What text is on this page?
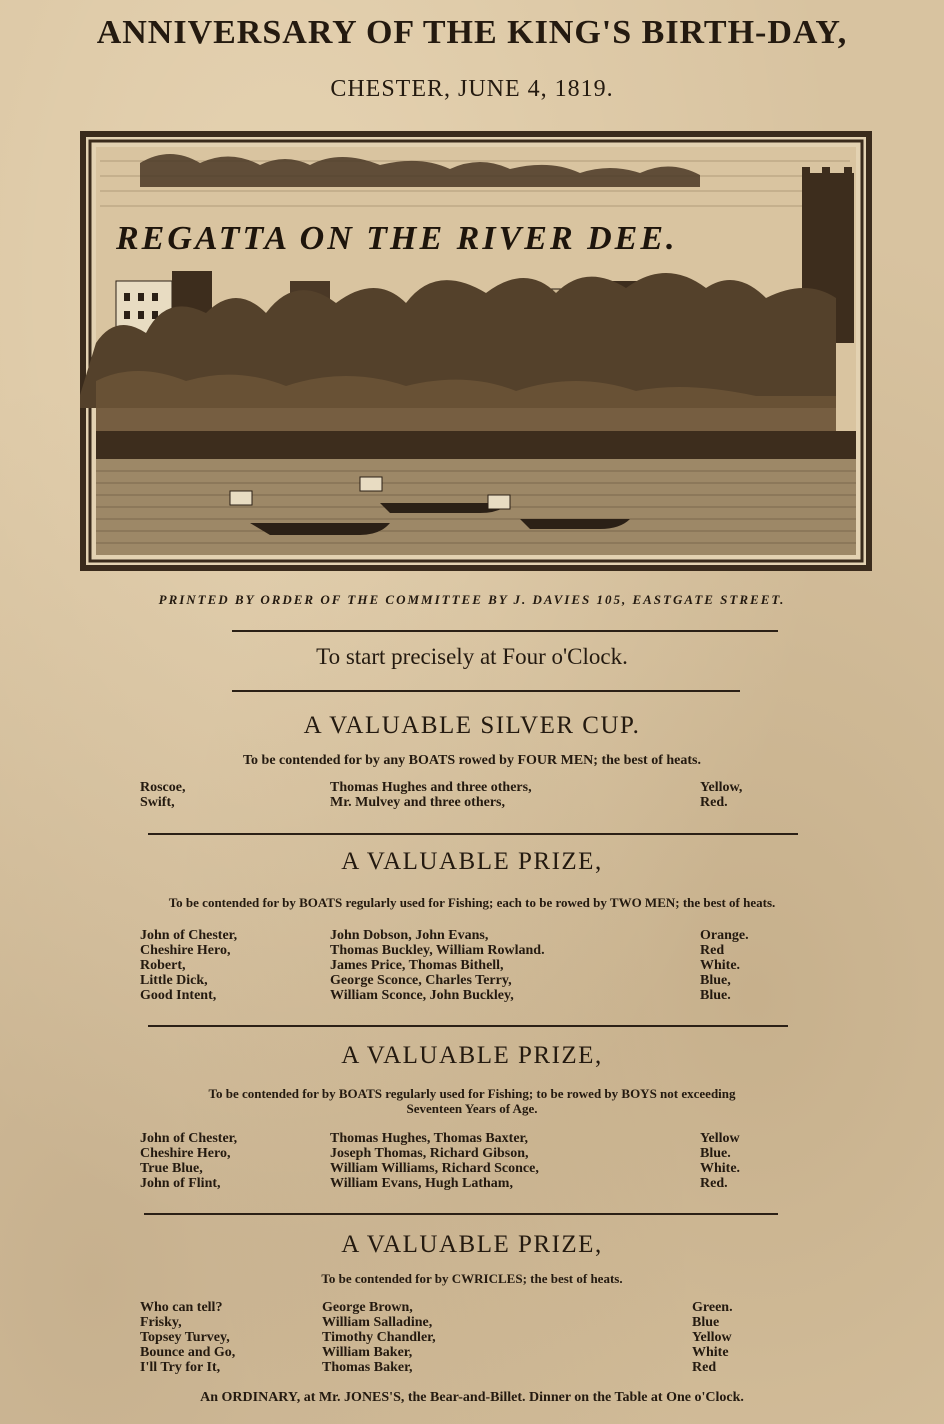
ANNIVERSARY OF THE KING'S BIRTH-DAY,
CHESTER, JUNE 4, 1819.
REGATTA ON THE RIVER DEE.
PRINTED BY ORDER OF THE COMMITTEE BY J. DAVIES 105, EASTGATE STREET.
To start precisely at Four o'Clock.
A VALUABLE SILVER CUP.
To be contended for by any BOATS rowed by FOUR MEN; the best of heats.
Roscoe,	Thomas Hughes and three others,	Yellow,
Swift,	Mr. Mulvey and three others,	Red.
A VALUABLE PRIZE,
To be contended for by BOATS regularly used for Fishing; each to be rowed by TWO MEN; the best of heats.
John of Chester,	John Dobson, John Evans,	Orange.
Cheshire Hero,	Thomas Buckley, William Rowland.	Red
Robert,	James Price, Thomas Bithell,	White.
Little Dick,	George Sconce, Charles Terry,	Blue,
Good Intent,	William Sconce, John Buckley,	Blue.
A VALUABLE PRIZE,
To be contended for by BOATS regularly used for Fishing; to be rowed by BOYS not exceeding
Seventeen Years of Age.
John of Chester,	Thomas Hughes, Thomas Baxter,	Yellow
Cheshire Hero,	Joseph Thomas, Richard Gibson,	Blue.
True Blue,	William Williams, Richard Sconce,	White.
John of Flint,	William Evans, Hugh Latham,	Red.
A VALUABLE PRIZE,
To be contended for by CWRICLES; the best of heats.
Who can tell?	George Brown,	Green.
Frisky,	William Salladine,	Blue
Topsey Turvey,	Timothy Chandler,	Yellow
Bounce and Go,	William Baker,	White
I'll Try for It,	Thomas Baker,	Red
An ORDINARY, at Mr. JONES'S, the Bear-and-Billet. Dinner on the Table at One o'Clock.
